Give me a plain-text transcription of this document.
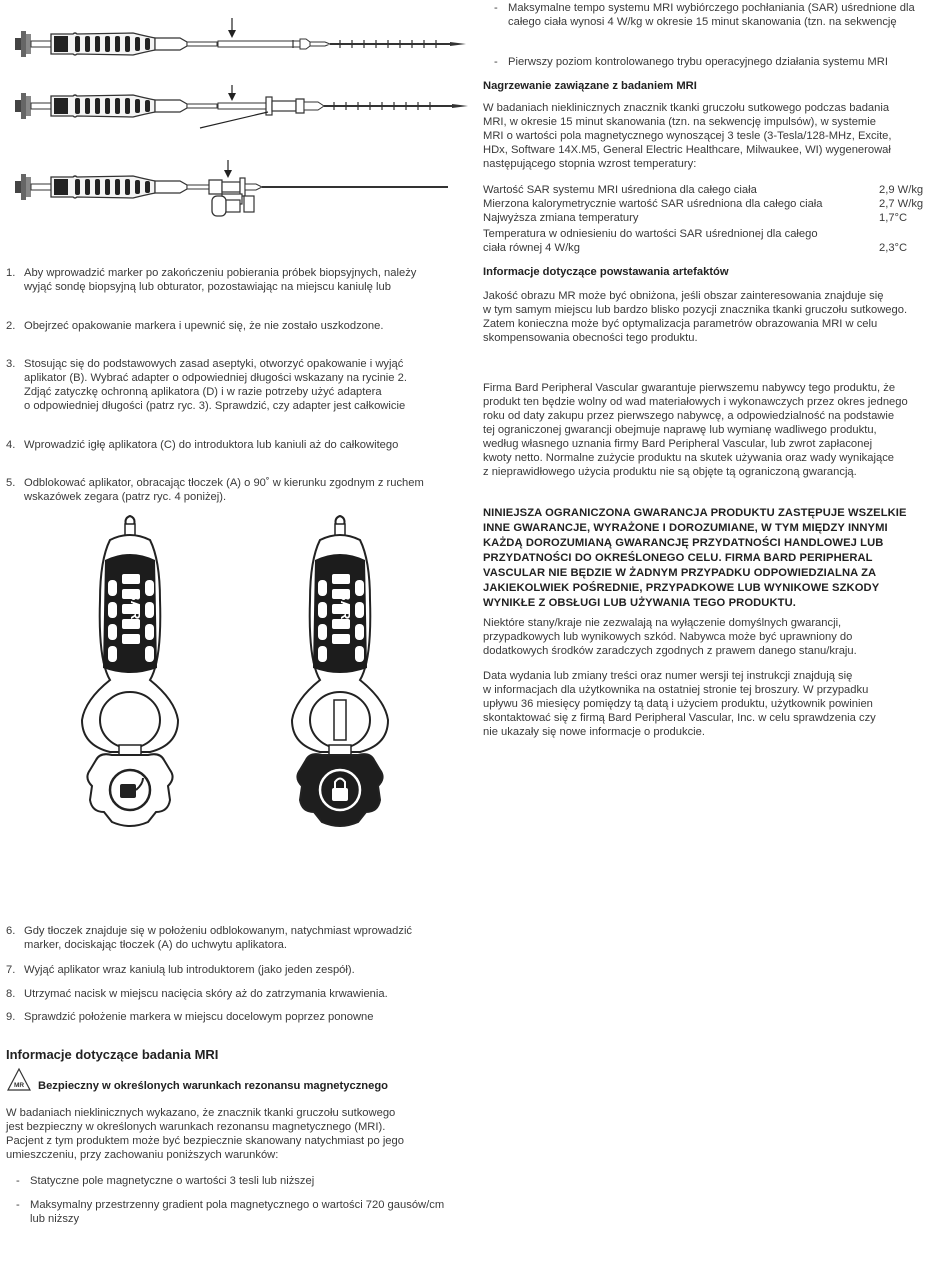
BARD	BARD
MR
1. Aby wprowadzić marker po zakończeniu pobierania próbek biopsyjnych, należy
wyjąć sondę biopsyjną lub obturator, pozostawiając na miejscu kaniulę lub
2. Obejrzeć opakowanie markera i upewnić się, że nie zostało uszkodzone.
3. Stosując się do podstawowych zasad aseptyki, otworzyć opakowanie i wyjąć
aplikator (B). Wybrać adapter o odpowiedniej długości wskazany na rycinie 2.
Zdjąć zatyczkę ochronną aplikatora (D) i w razie potrzeby użyć adaptera
o odpowiedniej długości (patrz ryc. 3). Sprawdzić, czy adapter jest całkowicie
4. Wprowadzić igłę aplikatora (C) do introduktora lub kaniuli aż do całkowitego
5. Odblokować aplikator, obracając tłoczek (A) o 90˚ w kierunku zgodnym z ruchem
wskazówek zegara (patrz ryc. 4 poniżej).
6. Gdy tłoczek znajduje się w położeniu odblokowanym, natychmiast wprowadzić
marker, dociskając tłoczek (A) do uchwytu aplikatora.
7. Wyjąć aplikator wraz kaniulą lub introduktorem (jako jeden zespół).
8. Utrzymać nacisk w miejscu nacięcia skóry aż do zatrzymania krwawienia.
9. Sprawdzić położenie markera w miejscu docelowym poprzez ponowne
Informacje dotyczące badania MRI
Bezpieczny w określonych warunkach rezonansu magnetycznego
W badaniach nieklinicznych wykazano, że znacznik tkanki gruczołu sutkowego
jest bezpieczny w określonych warunkach rezonansu magnetycznego (MRI).
Pacjent z tym produktem może być bezpiecznie skanowany natychmiast po jego
umieszczeniu, przy zachowaniu poniższych warunków:
- Statyczne pole magnetyczne o wartości 3 tesli lub niższej
- Maksymalny przestrzenny gradient pola magnetycznego o wartości 720 gausów/cm
lub niższy
- Maksymalne tempo systemu MRI wybiórczego pochłaniania (SAR) uśrednione dla
całego ciała wynosi 4 W/kg w okresie 15 minut skanowania (tzn. na sekwencję
- Pierwszy poziom kontrolowanego trybu operacyjnego działania systemu MRI
Nagrzewanie zawiązane z badaniem MRI
W badaniach nieklinicznych znacznik tkanki gruczołu sutkowego podczas badania
MRI, w okresie 15 minut skanowania (tzn. na sekwencję impulsów), w systemie
MRI o wartości pola magnetycznego wynoszącej 3 tesle (3-Tesla/128-MHz, Excite,
HDx, Software 14X.M5, General Electric Healthcare, Milwaukee, WI) wygenerował
następującego stopnia wzrost temperatury:
Wartość SAR systemu MRI uśredniona dla całego ciała	2,9 W/kg
Mierzona kalorymetrycznie wartość SAR uśredniona dla całego ciała	2,7 W/kg
Najwyższa zmiana temperatury	1,7°C
Temperatura w odniesieniu do wartości SAR uśrednionej dla całego
ciała równej 4 W/kg	2,3°C
Informacje dotyczące powstawania artefaktów
Jakość obrazu MR może być obniżona, jeśli obszar zainteresowania znajduje się
w tym samym miejscu lub bardzo blisko pozycji znacznika tkanki gruczołu sutkowego.
Zatem konieczna może być optymalizacja parametrów obrazowania MRI w celu
skompensowania obecności tego produktu.
Firma Bard Peripheral Vascular gwarantuje pierwszemu nabywcy tego produktu, że
produkt ten będzie wolny od wad materiałowych i wykonawczych przez okres jednego
roku od daty zakupu przez pierwszego nabywcę, a odpowiedzialność na podstawie
tej ograniczonej gwarancji obejmuje naprawę lub wymianę wadliwego produktu,
według własnego uznania firmy Bard Peripheral Vascular, lub zwrot zapłaconej
kwoty netto. Normalne zużycie produktu na skutek używania oraz wady wynikające
z nieprawidłowego użycia produktu nie są objęte tą ograniczoną gwarancją.
NINIEJSZA OGRANICZONA GWARANCJA PRODUKTU ZASTĘPUJE WSZELKIE
INNE GWARANCJE, WYRAŻONE I DOROZUMIANE, W TYM MIĘDZY INNYMI
KAŻDĄ DOROZUMIANĄ GWARANCJĘ PRZYDATNOŚCI HANDLOWEJ LUB
PRZYDATNOŚCI DO OKREŚLONEGO CELU. FIRMA BARD PERIPHERAL
VASCULAR NIE BĘDZIE W ŻADNYM PRZYPADKU ODPOWIEDZIALNA ZA
JAKIEKOLWIEK POŚREDNIE, PRZYPADKOWE LUB WYNIKOWE SZKODY
WYNIKŁE Z OBSŁUGI LUB UŻYWANIA TEGO PRODUKTU.
Niektóre stany/kraje nie zezwalają na wyłączenie domyślnych gwarancji,
przypadkowych lub wynikowych szkód. Nabywca może być uprawniony do
dodatkowych środków zaradczych zgodnych z prawem danego stanu/kraju.
Data wydania lub zmiany treści oraz numer wersji tej instrukcji znajdują się
w informacjach dla użytkownika na ostatniej stronie tej broszury. W przypadku
upływu 36 miesięcy pomiędzy tą datą i użyciem produktu, użytkownik powinien
skontaktować się z firmą Bard Peripheral Vascular, Inc. w celu sprawdzenia czy
nie ukazały się nowe informacje o produkcie.
